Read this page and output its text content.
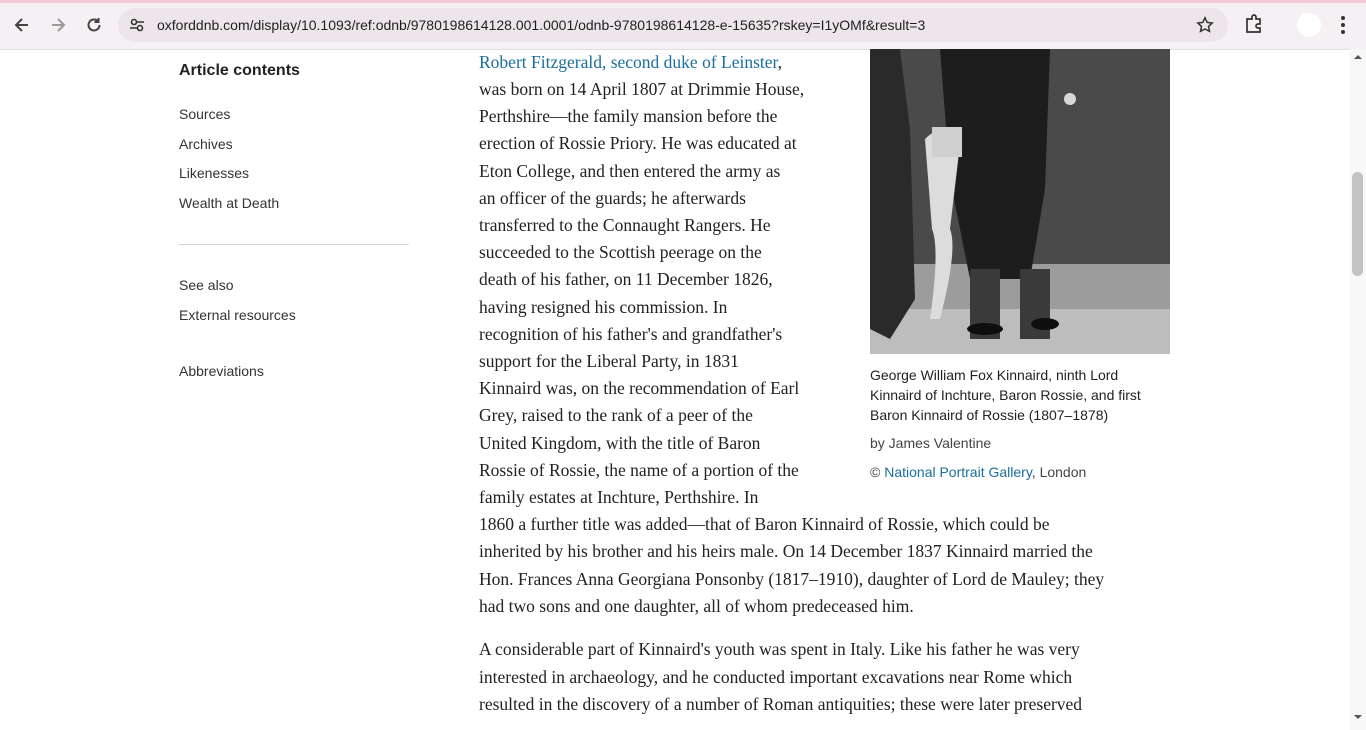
oxforddnb.com/display/10.1093/ref:odnb/9780198614128.001.0001/odnb-9780198614128-e-15635?rskey=I1yOMf&result=3
Article contents
Sources
Archives
Likenesses
Wealth at Death
See also
External resources
Abbreviations
Robert Fitzgerald, second duke of Leinster,
was born on 14 April 1807 at Drimmie House,
Perthshire—the family mansion before the
erection of Rossie Priory. He was educated at
Eton College, and then entered the army as
an officer of the guards; he afterwards
transferred to the Connaught Rangers. He
succeeded to the Scottish peerage on the
death of his father, on 11 December 1826,
having resigned his commission. In
recognition of his father's and grandfather's
support for the Liberal Party, in 1831
Kinnaird was, on the recommendation of Earl
Grey, raised to the rank of a peer of the
United Kingdom, with the title of Baron
Rossie of Rossie, the name of a portion of the
family estates at Inchture, Perthshire. In
1860 a further title was added—that of Baron Kinnaird of Rossie, which could be
inherited by his brother and his heirs male. On 14 December 1837 Kinnaird married the
Hon. Frances Anna Georgiana Ponsonby (1817–1910), daughter of Lord de Mauley; they
had two sons and one daughter, all of whom predeceased him.
A considerable part of Kinnaird's youth was spent in Italy. Like his father he was very
interested in archaeology, and he conducted important excavations near Rome which
resulted in the discovery of a number of Roman antiquities; these were later preserved
George William Fox Kinnaird, ninth Lord
Kinnaird of Inchture, Baron Rossie, and first
Baron Kinnaird of Rossie (1807–1878)
by James Valentine
© National Portrait Gallery, London
